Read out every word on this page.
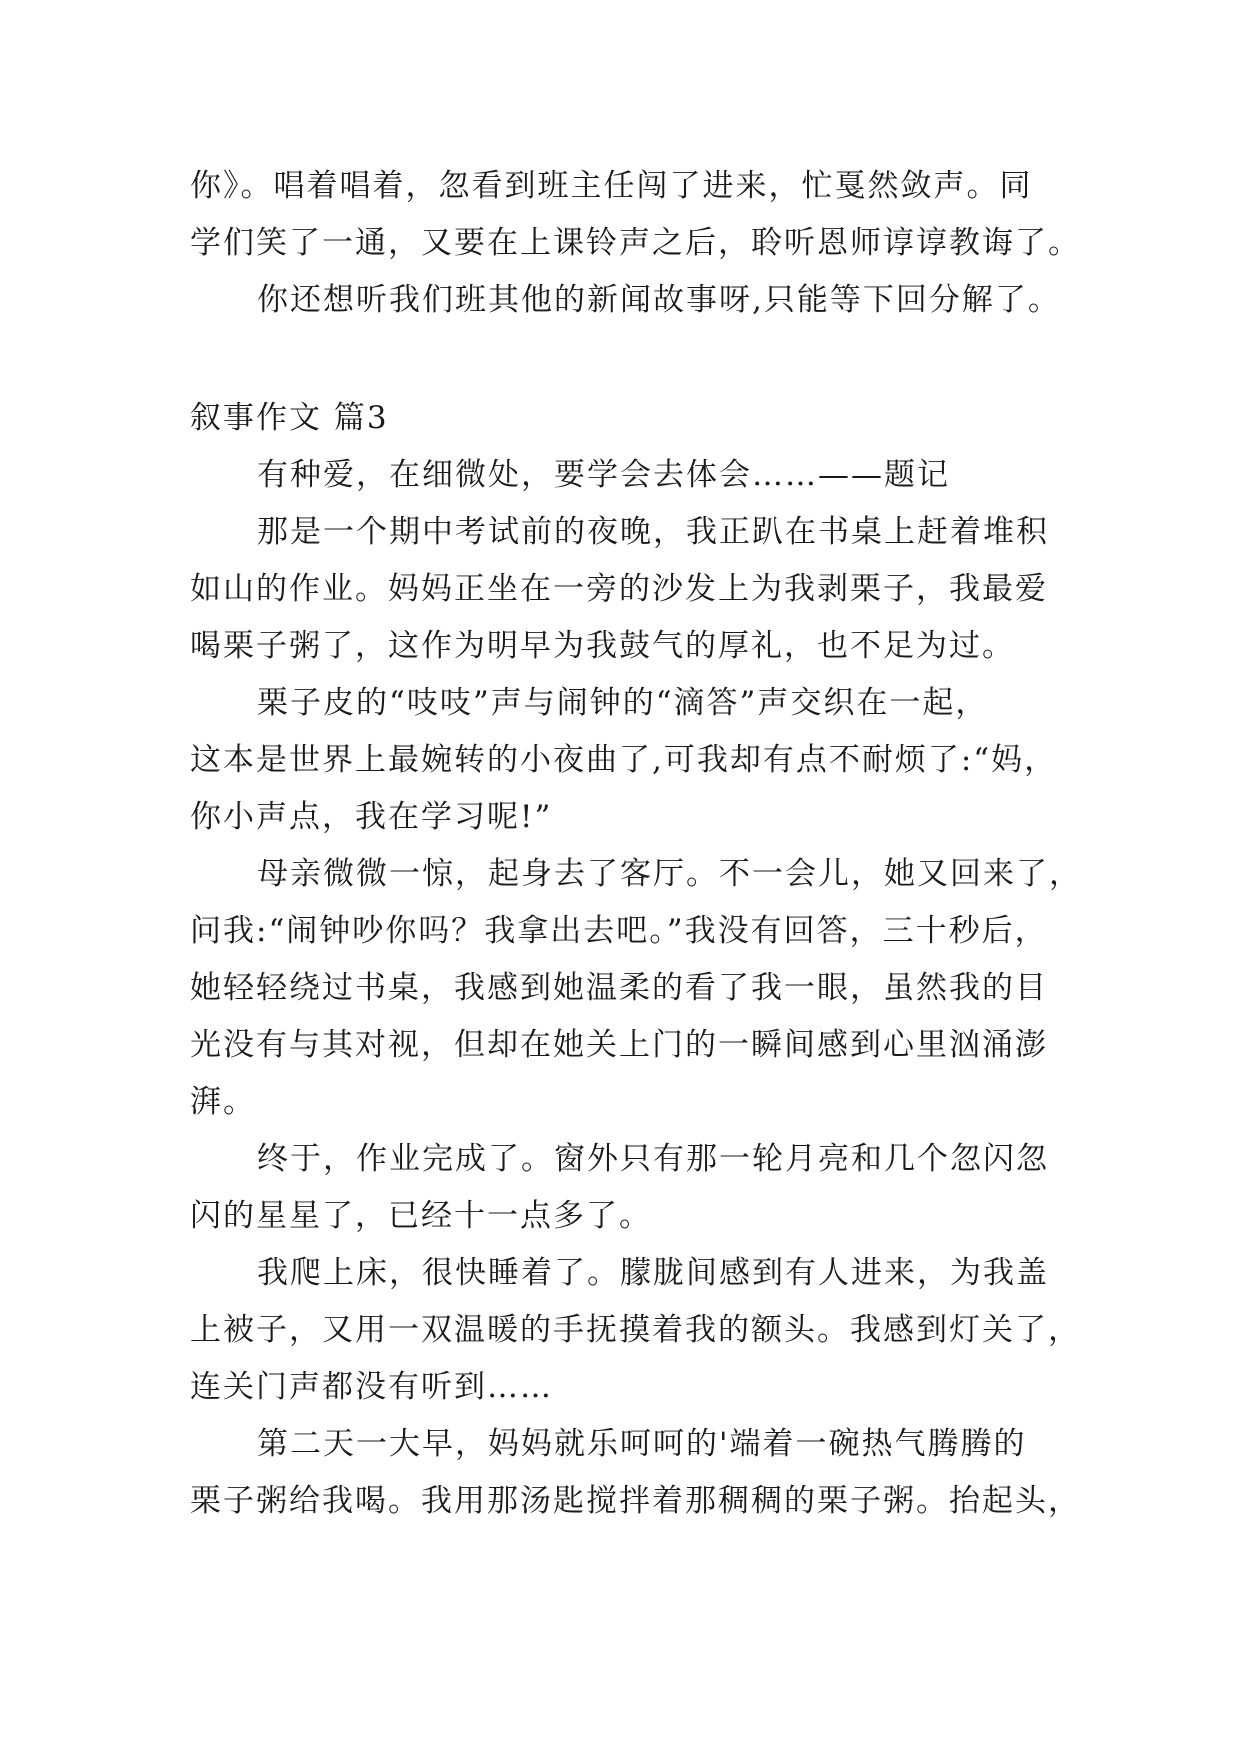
你》。唱着唱着，忽看到班主任闯了进来，忙戛然敛声。同
学们笑了一通，又要在上课铃声之后，聆听恩师谆谆教诲了。
你还想听我们班其他的新闻故事呀,只能等下回分解了。
叙事作文 篇3
有种爱，在细微处，要学会去体会……——题记
那是一个期中考试前的夜晚，我正趴在书桌上赶着堆积
如山的作业。妈妈正坐在一旁的沙发上为我剥栗子，我最爱
喝栗子粥了，这作为明早为我鼓气的厚礼，也不足为过。
栗子皮的“吱吱”声与闹钟的“滴答”声交织在一起，
这本是世界上最婉转的小夜曲了,可我却有点不耐烦了:“妈，
你小声点，我在学习呢!”
母亲微微一惊，起身去了客厅。不一会儿，她又回来了，
问我:“闹钟吵你吗？我拿出去吧。”我没有回答，三十秒后，
她轻轻绕过书桌，我感到她温柔的看了我一眼，虽然我的目
光没有与其对视，但却在她关上门的一瞬间感到心里汹涌澎
湃。
终于，作业完成了。窗外只有那一轮月亮和几个忽闪忽
闪的星星了，已经十一点多了。
我爬上床，很快睡着了。朦胧间感到有人进来，为我盖
上被子，又用一双温暖的手抚摸着我的额头。我感到灯关了，
连关门声都没有听到……
第二天一大早，妈妈就乐呵呵的'端着一碗热气腾腾的
栗子粥给我喝。我用那汤匙搅拌着那稠稠的栗子粥。抬起头，
